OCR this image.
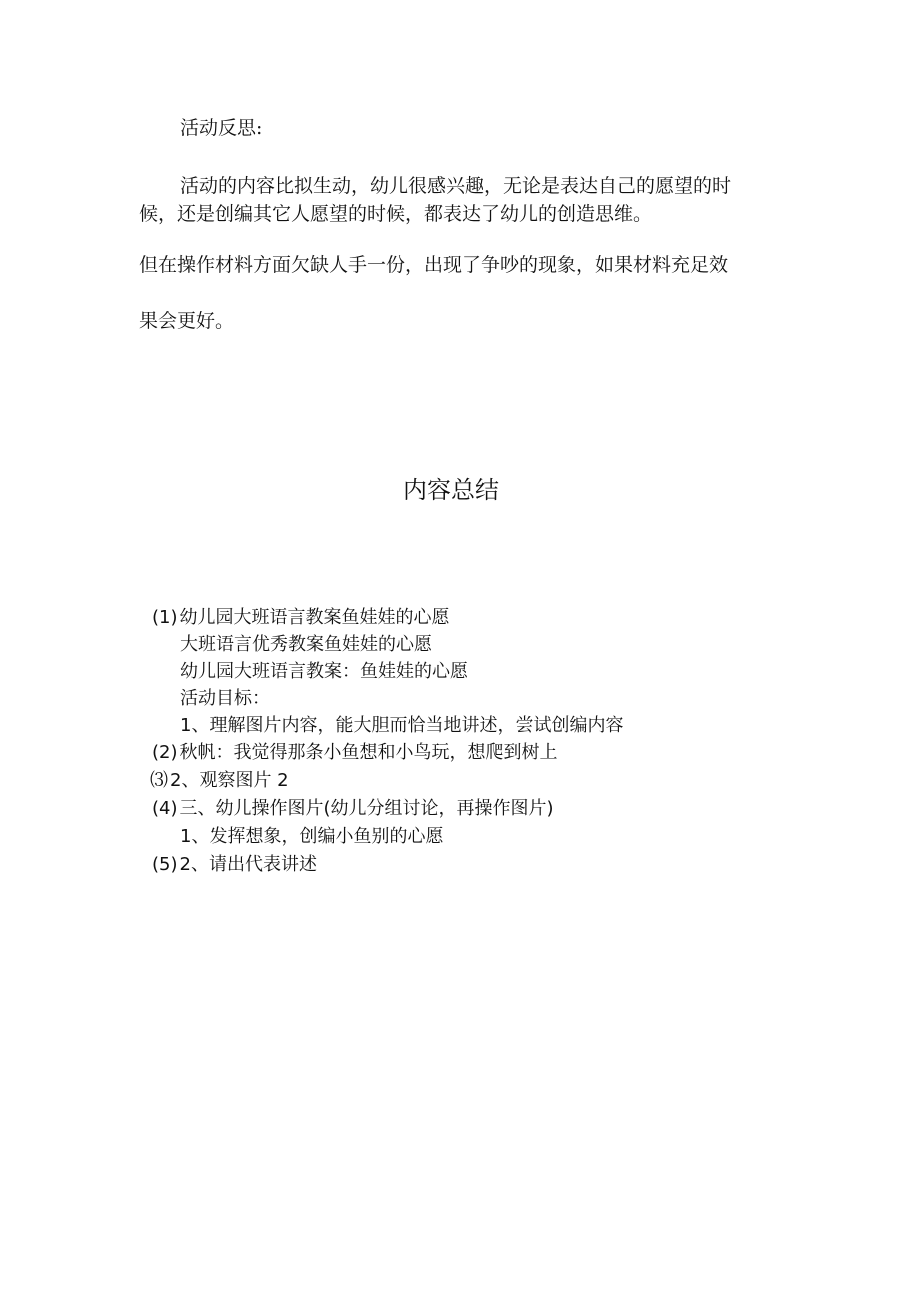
活动反思:
活动的内容比拟生动，幼儿很感兴趣，无论是表达自己的愿望的时
候，还是创编其它人愿望的时候，都表达了幼儿的创造思维。
但在操作材料方面欠缺人手一份，出现了争吵的现象，如果材料充足效
果会更好。
内容总结
(1) 幼儿园大班语言教案鱼娃娃的心愿
大班语言优秀教案鱼娃娃的心愿
幼儿园大班语言教案：鱼娃娃的心愿
活动目标：
1、理解图片内容，能大胆而恰当地讲述，尝试创编内容
(2) 秋帆：我觉得那条小鱼想和小鸟玩，想爬到树上
⑶ 2、观察图片 2
(4) 三、幼儿操作图片(幼儿分组讨论，再操作图片)
1、发挥想象，创编小鱼别的心愿
(5) 2、请出代表讲述
